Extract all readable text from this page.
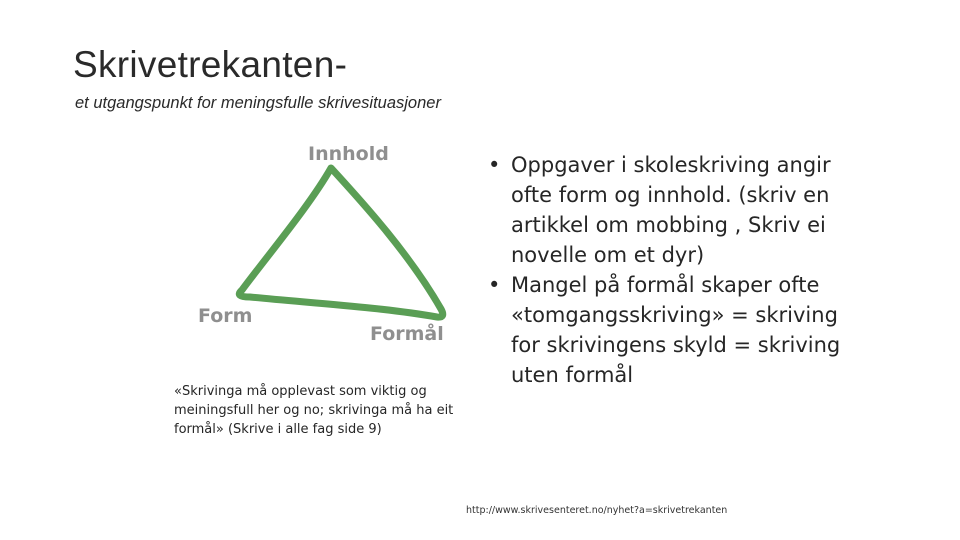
Skrivetrekanten-
et utgangspunkt for meningsfulle skrivesituasjoner
Innhold
Form
Formål
«Skrivinga må opplevast som viktig og meiningsfull her og no; skrivinga må ha eit formål» (Skrive i alle fag side 9)
• Oppgaver i skoleskriving angir ofte form og innhold. (skriv en artikkel om mobbing , Skriv ei novelle om et dyr)
• Mangel på formål skaper ofte «tomgangsskriving» = skriving for skrivingens skyld = skriving uten formål
http://www.skrivesenteret.no/nyhet?a=skrivetrekanten
